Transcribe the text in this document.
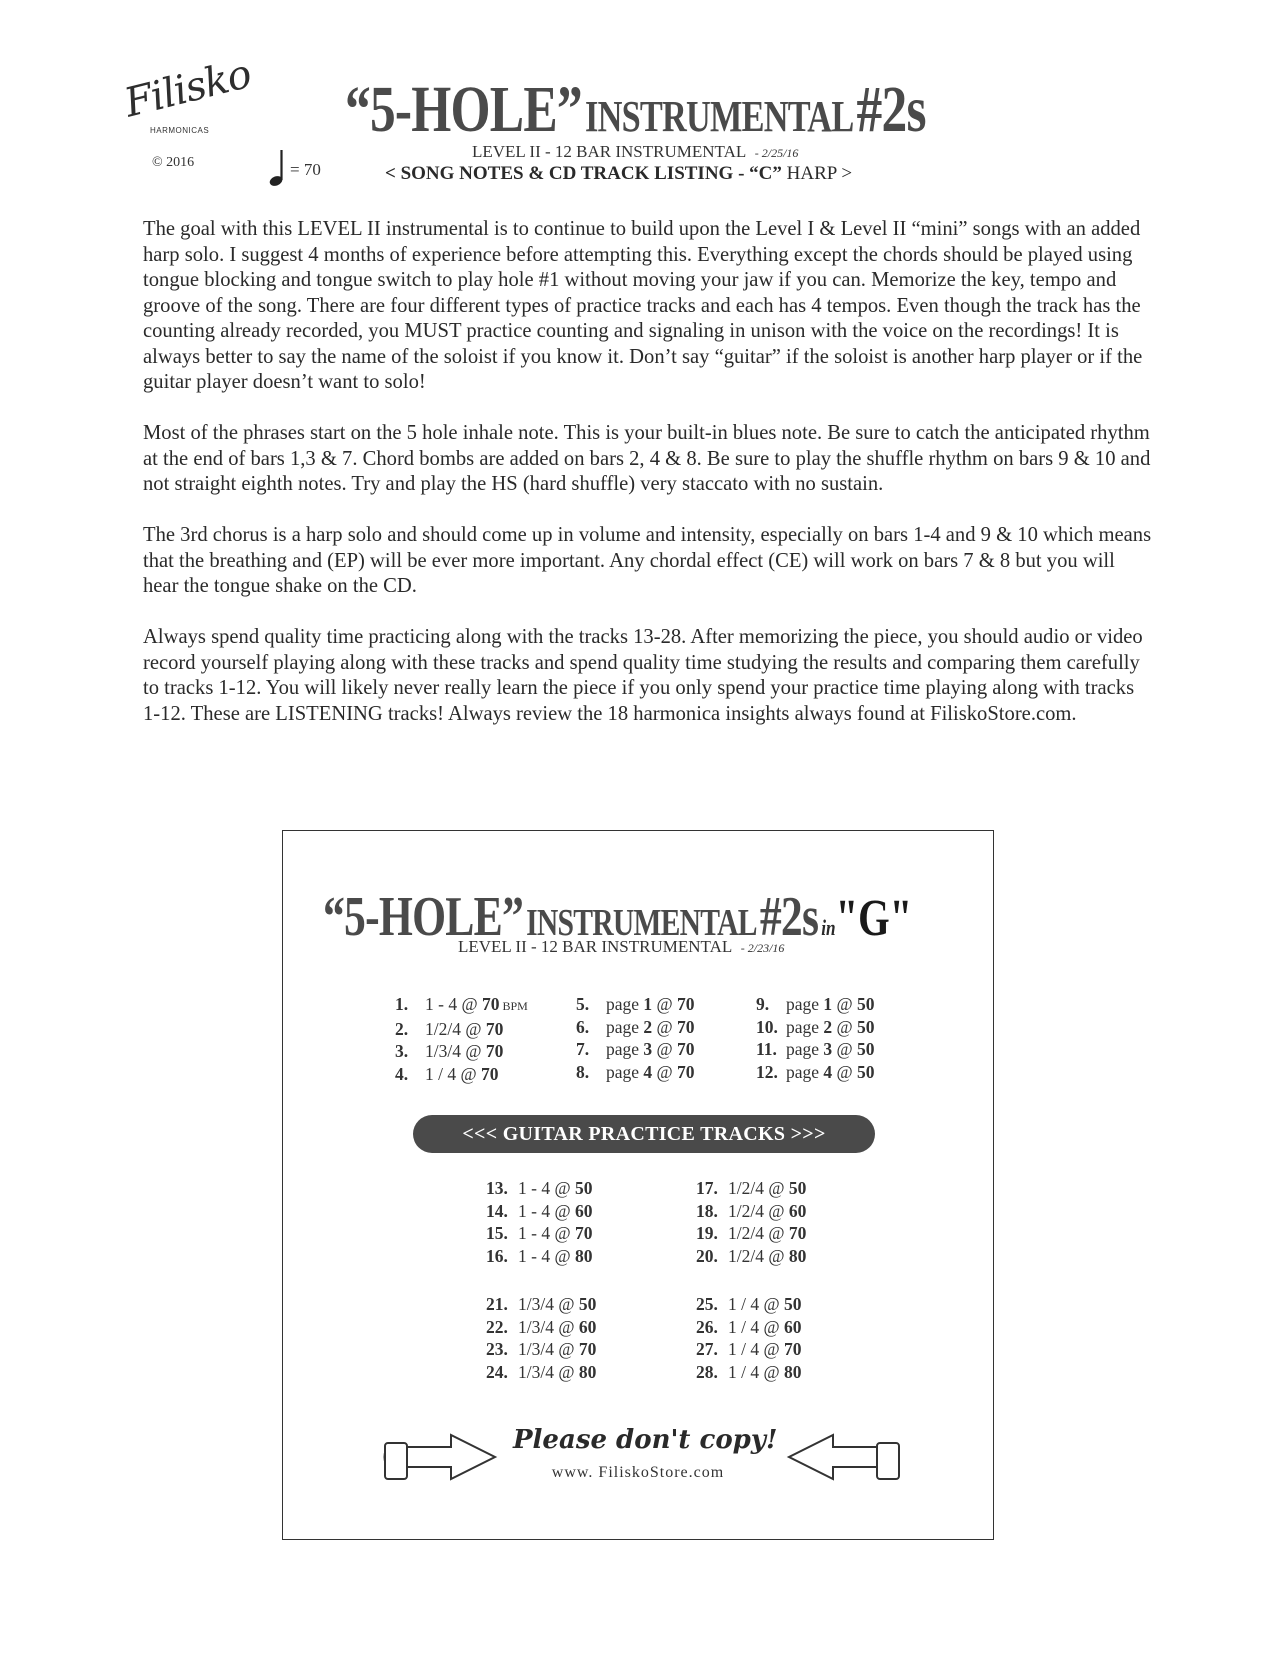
Filisko
HARMONICAS
© 2016	= 70
“5-HOLE” INSTRUMENTAL #2s
LEVEL II - 12 BAR INSTRUMENTAL - 2/25/16
< SONG NOTES & CD TRACK LISTING - “C” HARP >

The goal with this LEVEL II instrumental is to continue to build upon the Level I & Level II “mini” songs with an added harp solo. I suggest 4 months of experience before attempting this. Everything except the chords should be played using tongue blocking and tongue switch to play hole #1 without moving your jaw if you can. Memorize the key, tempo and groove of the song. There are four different types of practice tracks and each has 4 tempos. Even though the track has the counting already recorded, you MUST practice counting and signaling in unison with the voice on the recordings! It is always better to say the name of the soloist if you know it. Don’t say “guitar” if the soloist is another harp player or if the guitar player doesn’t want to solo!

Most of the phrases start on the 5 hole inhale note. This is your built-in blues note. Be sure to catch the anticipated rhythm at the end of bars 1,3 & 7. Chord bombs are added on bars 2, 4 & 8. Be sure to play the shuffle rhythm on bars 9 & 10 and not straight eighth notes. Try and play the HS (hard shuffle) very staccato with no sustain.

The 3rd chorus is a harp solo and should come up in volume and intensity, especially on bars 1-4 and 9 & 10 which means that the breathing and (EP) will be ever more important. Any chordal effect (CE) will work on bars 7 & 8 but you will hear the tongue shake on the CD.

Always spend quality time practicing along with the tracks 13-28. After memorizing the piece, you should audio or video record yourself playing along with these tracks and spend quality time studying the results and comparing them carefully to tracks 1-12. You will likely never really learn the piece if you only spend your practice time playing along with tracks 1-12. These are LISTENING tracks! Always review the 18 harmonica insights always found at FiliskoStore.com.

“5-HOLE” INSTRUMENTAL #2s in"G"
LEVEL II - 12 BAR INSTRUMENTAL - 2/23/16
1. 1 - 4 @ 70 BPM
2. 1/2/4 @ 70
3. 1/3/4 @ 70
4. 1 / 4 @ 70
5. page 1 @ 70
6. page 2 @ 70
7. page 3 @ 70
8. page 4 @ 70
9. page 1 @ 50
10. page 2 @ 50
11. page 3 @ 50
12. page 4 @ 50
<<< GUITAR PRACTICE TRACKS >>>
13. 1 - 4 @ 50
14. 1 - 4 @ 60
15. 1 - 4 @ 70
16. 1 - 4 @ 80
17. 1/2/4 @ 50
18. 1/2/4 @ 60
19. 1/2/4 @ 70
20. 1/2/4 @ 80
21. 1/3/4 @ 50
22. 1/3/4 @ 60
23. 1/3/4 @ 70
24. 1/3/4 @ 80
25. 1 / 4 @ 50
26. 1 / 4 @ 60
27. 1 / 4 @ 70
28. 1 / 4 @ 80
Please don't copy!
www. FiliskoStore.com
